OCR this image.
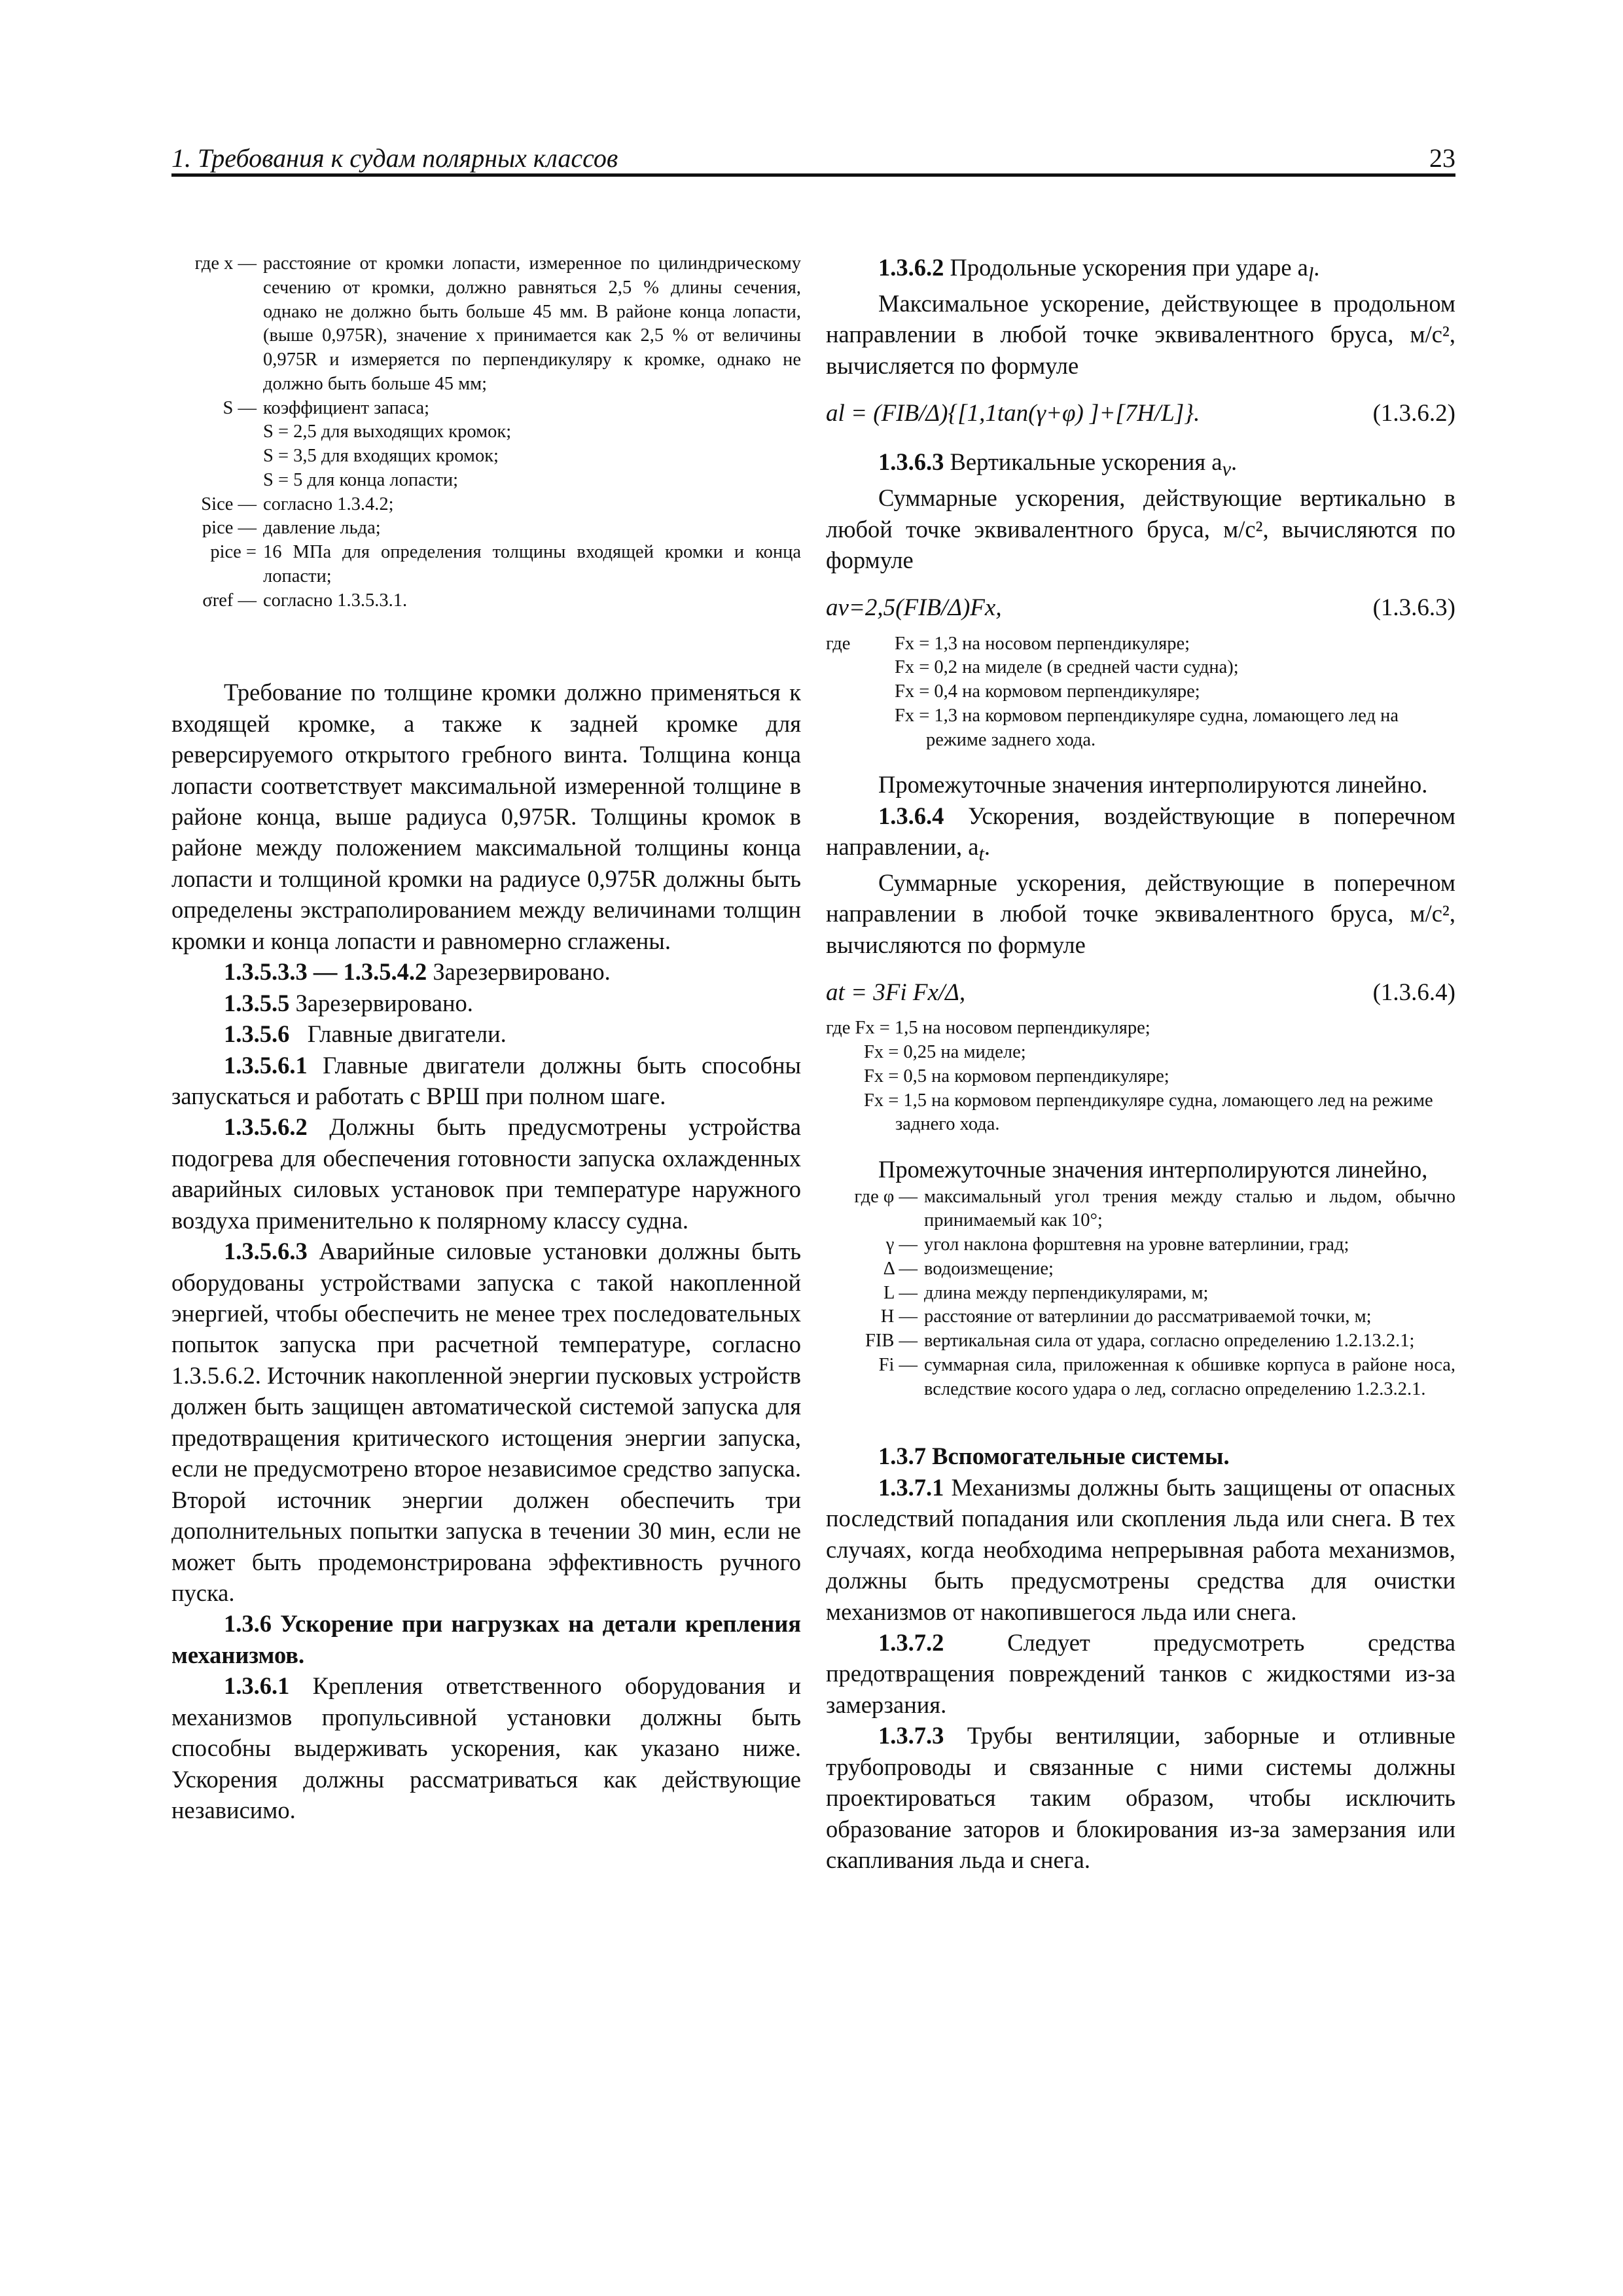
1. Требования к судам полярных классов	23
где x —	расстояние от кромки лопасти, измеренное по цилиндрическому сечению от кромки, должно равняться 2,5 % длины сечения, однако не должно быть больше 45 мм. В районе конца лопасти, (выше 0,975R), значение x принимается как 2,5 % от величины 0,975R и измеряется по перпендикуляру к кромке, однако не должно быть больше 45 мм;
S —	коэффициент запаса;
	S = 2,5 для выходящих кромок;
	S = 3,5 для входящих кромок;
	S = 5 для конца лопасти;
Sice —	согласно 1.3.4.2;
pice —	давление льда;
pice =	16 МПа для определения толщины входящей кромки и конца лопасти;
σref —	согласно 1.3.5.3.1.

Требование по толщине кромки должно применяться к входящей кромке, а также к задней кромке для реверсируемого открытого гребного винта. Толщина конца лопасти соответствует максимальной измеренной толщине в районе конца, выше радиуса 0,975R. Толщины кромок в районе между положением максимальной толщины конца лопасти и толщиной кромки на радиусе 0,975R должны быть определены экстраполированием между величинами толщин кромки и конца лопасти и равномерно сглажены.

1.3.5.3.3 — 1.3.5.4.2 Зарезервировано.

1.3.5.5 Зарезервировано.

1.3.5.6 Главные двигатели.

1.3.5.6.1 Главные двигатели должны быть способны запускаться и работать с ВРШ при полном шаге.

1.3.5.6.2 Должны быть предусмотрены устройства подогрева для обеспечения готовности запуска охлажденных аварийных силовых установок при температуре наружного воздуха применительно к полярному классу судна.

1.3.5.6.3 Аварийные силовые установки должны быть оборудованы устройствами запуска с такой накопленной энергией, чтобы обеспечить не менее трех последовательных попыток запуска при расчетной температуре, согласно 1.3.5.6.2. Источник накопленной энергии пусковых устройств должен быть защищен автоматической системой запуска для предотвращения критического истощения энергии запуска, если не предусмотрено второе независимое средство запуска. Второй источник энергии должен обеспечить три дополнительных попытки запуска в течении 30 мин, если не может быть продемонстрирована эффективность ручного пуска.

1.3.6 Ускорение при нагрузках на детали крепления механизмов.

1.3.6.1 Крепления ответственного оборудования и механизмов пропульсивной установки должны быть способны выдерживать ускорения, как указано ниже. Ускорения должны рассматриваться как действующие независимо.

1.3.6.2 Продольные ускорения при ударе $a_l$.

Максимальное ускорение, действующее в продольном направлении в любой точке эквивалентного бруса, м/с², вычисляется по формуле

al = (FIB/Δ){[1,1tan(γ+φ) ]+[7H/L]}.	(1.3.6.2)

1.3.6.3 Вертикальные ускорения $a_v$.

Суммарные ускорения, действующие вертикально в любой точке эквивалентного бруса, м/с², вычисляются по формуле

av=2,5(FIB/Δ)Fx,	(1.3.6.3)
где	Fx = 1,3 на носовом перпендикуляре;
Fx = 0,2 на миделе (в средней части судна);
Fx = 0,4 на кормовом перпендикуляре;
Fx = 1,3 на кормовом перпендикуляре судна, ломающего лед на режиме заднего хода.

Промежуточные значения интерполируются линейно.

1.3.6.4 Ускорения, воздействующие в поперечном направлении, $a_t$.

Суммарные ускорения, действующие в поперечном направлении в любой точке эквивалентного бруса, м/с², вычисляются по формуле

at = 3Fi Fx/Δ,	(1.3.6.4)
где Fx = 1,5 на носовом перпендикуляре;
Fx = 0,25 на миделе;
Fx = 0,5 на кормовом перпендикуляре;
Fx = 1,5 на кормовом перпендикуляре судна, ломающего лед на режиме заднего хода.

Промежуточные значения интерполируются линейно,

где φ —	максимальный угол трения между сталью и льдом, обычно принимаемый как 10°;
γ —	угол наклона форштевня на уровне ватерлинии, град;
Δ —	водоизмещение;
L —	длина между перпендикулярами, м;
H —	расстояние от ватерлинии до рассматриваемой точки, м;
FIB —	вертикальная сила от удара, согласно определению 1.2.13.2.1;
Fi —	суммарная сила, приложенная к обшивке корпуса в районе носа, вследствие косого удара о лед, согласно определению 1.2.3.2.1.

1.3.7 Вспомогательные системы.

1.3.7.1 Механизмы должны быть защищены от опасных последствий попадания или скопления льда или снега. В тех случаях, когда необходима непрерывная работа механизмов, должны быть предусмотрены средства для очистки механизмов от накопившегося льда или снега.

1.3.7.2	Следует предусмотреть средства предотвращения повреждений танков с жидкостями из-за замерзания.

1.3.7.3 Трубы вентиляции, заборные и отливные трубопроводы и связанные с ними системы должны проектироваться таким образом, чтобы исключить образование заторов и блокирования из-за замерзания или скапливания льда и снега.
